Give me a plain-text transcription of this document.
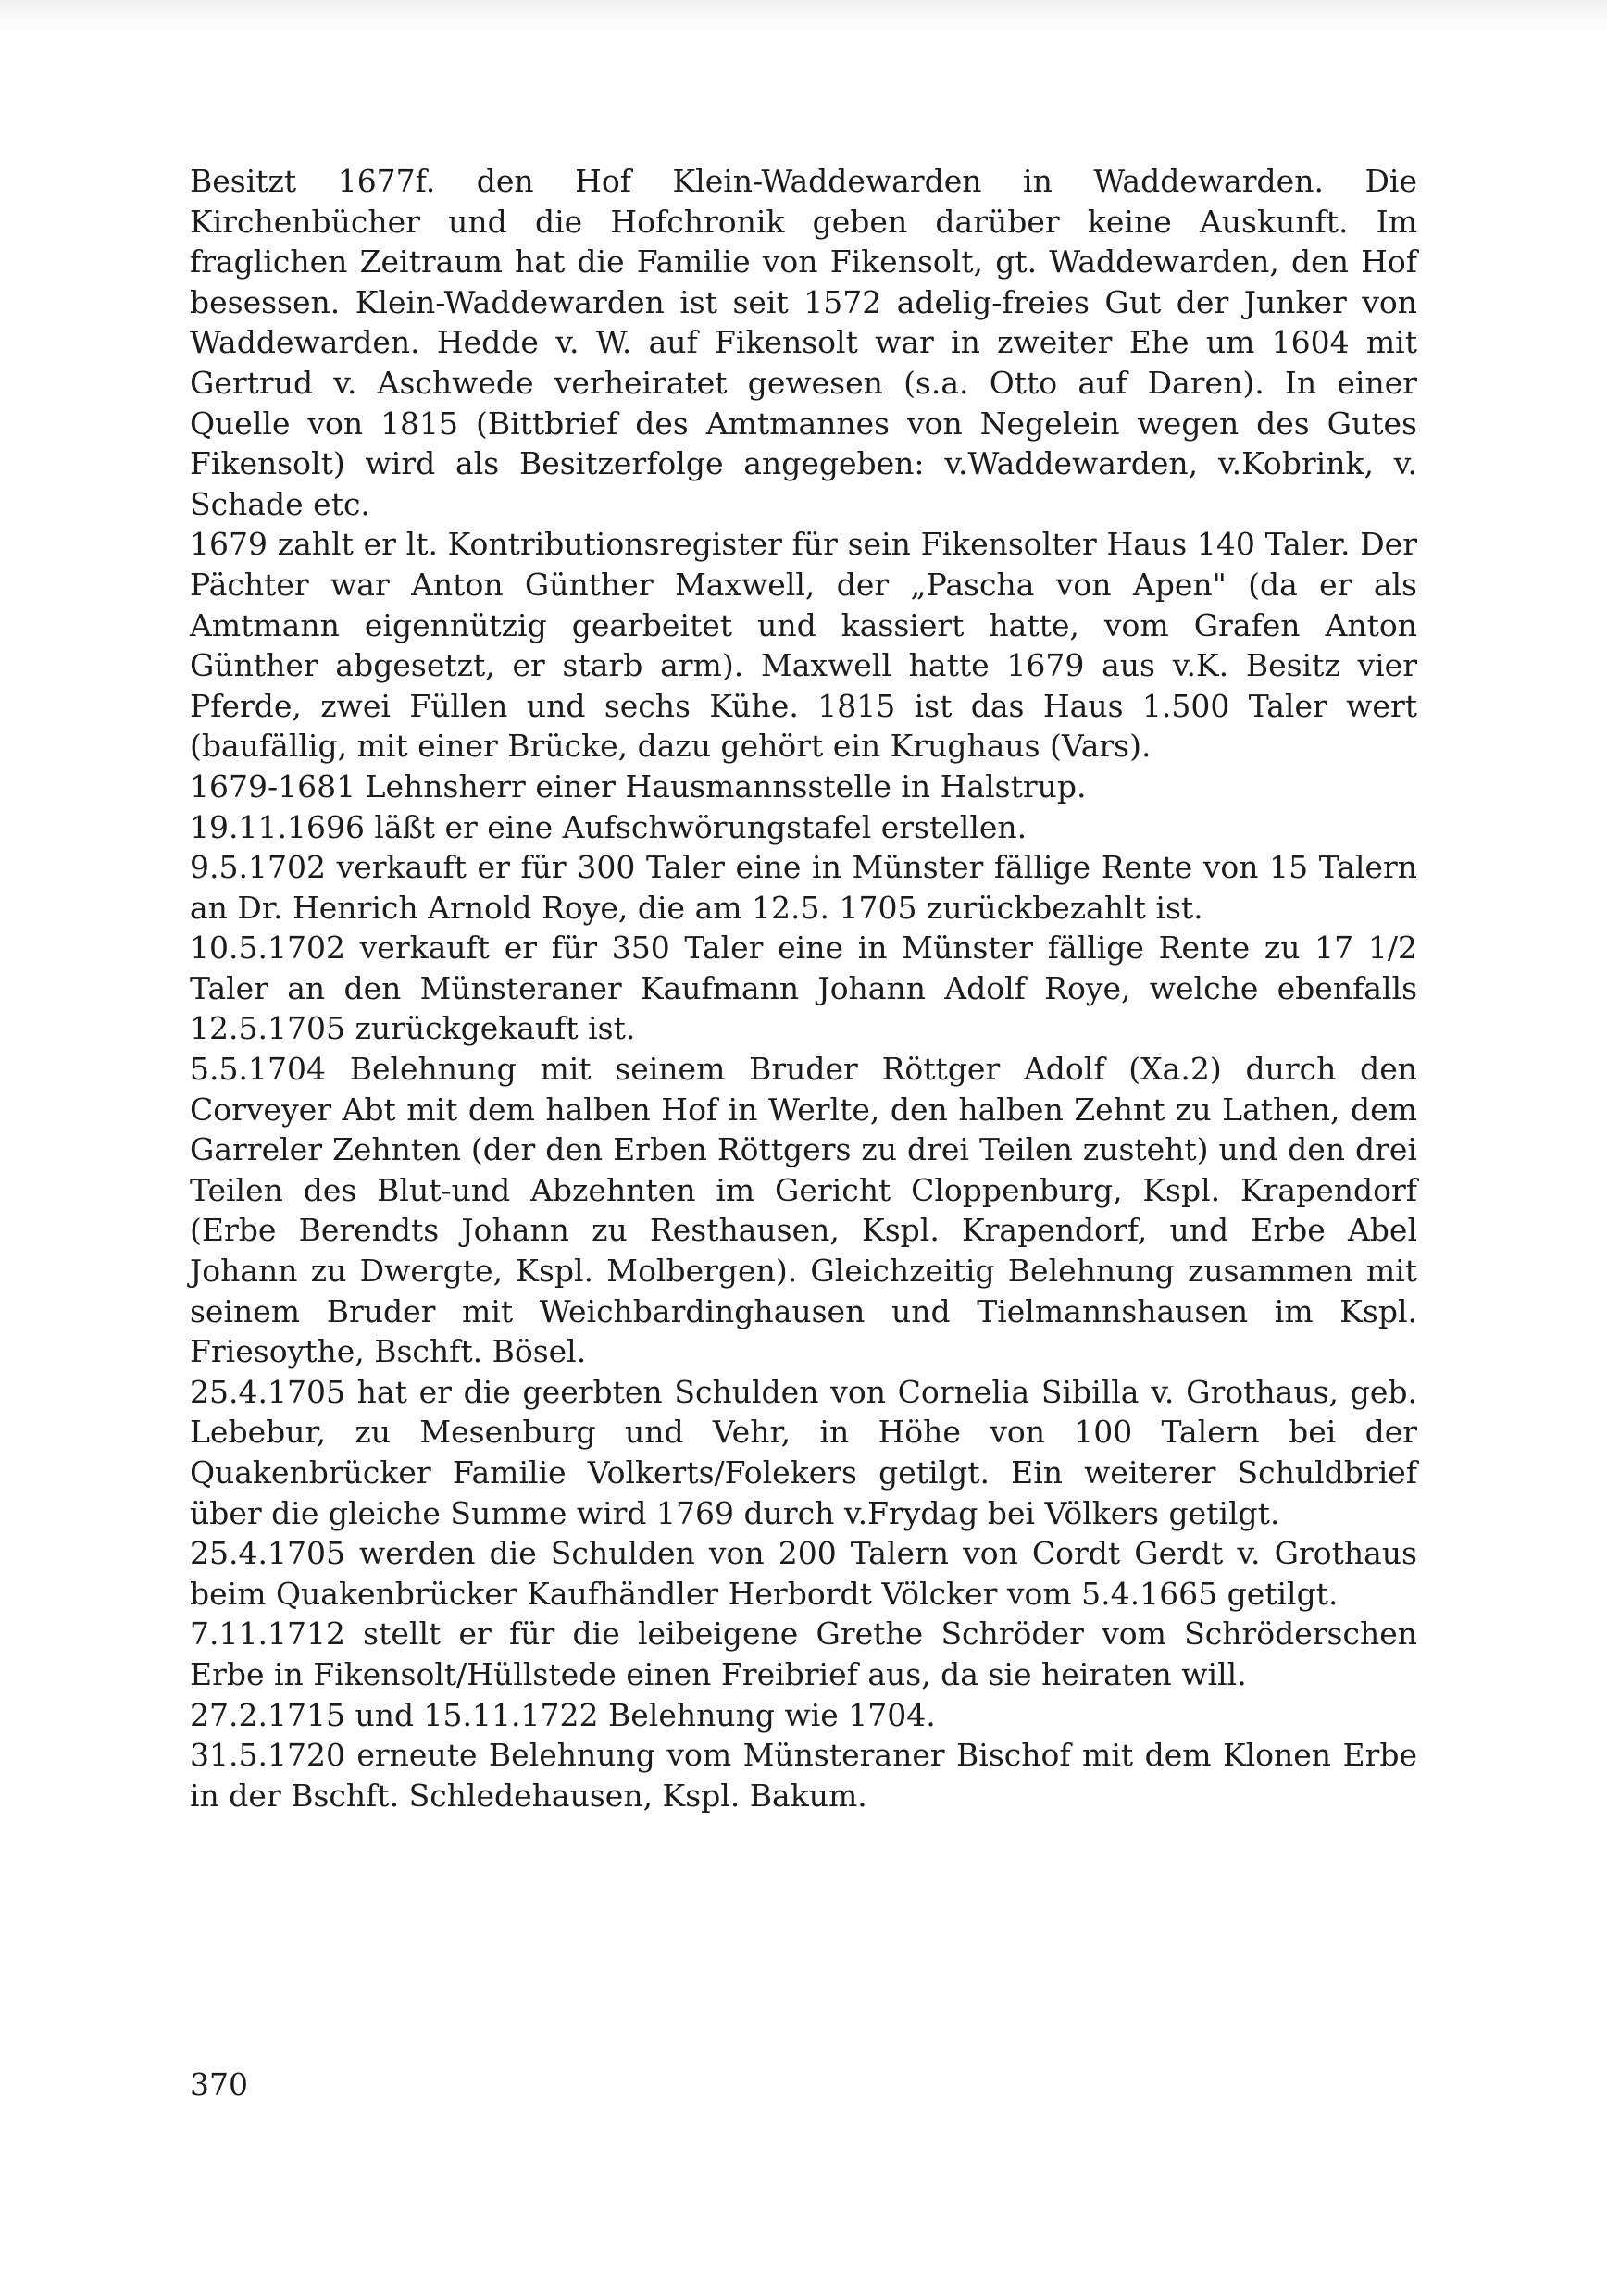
Besitzt 1677f. den Hof Klein-Waddewarden in Waddewarden. Die Kirchenbücher und die Hofchronik geben darüber keine Auskunft. Im fraglichen Zeitraum hat die Familie von Fikensolt, gt. Waddewarden, den Hof besessen. Klein-Waddewarden ist seit 1572 adelig-freies Gut der Junker von Waddewarden. Hedde v. W. auf Fikensolt war in zweiter Ehe um 1604 mit Gertrud v. Aschwede verheiratet gewesen (s.a. Otto auf Daren). In einer Quelle von 1815 (Bittbrief des Amtmannes von Negelein wegen des Gutes Fikensolt) wird als Besitzerfolge angegeben: v.Waddewarden, v.Kobrink, v. Schade etc.

1679 zahlt er lt. Kontributionsregister für sein Fikensolter Haus 140 Taler. Der Pächter war Anton Günther Maxwell, der „Pascha von Apen" (da er als Amtmann eigennützig gearbeitet und kassiert hatte, vom Grafen Anton Günther abgesetzt, er starb arm). Maxwell hatte 1679 aus v.K. Besitz vier Pferde, zwei Füllen und sechs Kühe. 1815 ist das Haus 1.500 Taler wert (baufällig, mit einer Brücke, dazu gehört ein Krughaus (Vars).

1679-1681 Lehnsherr einer Hausmannsstelle in Halstrup.

19.11.1696 läßt er eine Aufschwörungstafel erstellen.

9.5.1702 verkauft er für 300 Taler eine in Münster fällige Rente von 15 Talern an Dr. Henrich Arnold Roye, die am 12.5. 1705 zurückbezahlt ist.

10.5.1702 verkauft er für 350 Taler eine in Münster fällige Rente zu 17 1/2 Taler an den Münsteraner Kaufmann Johann Adolf Roye, welche ebenfalls 12.5.1705 zurückgekauft ist.

5.5.1704 Belehnung mit seinem Bruder Röttger Adolf (Xa.2) durch den Corveyer Abt mit dem halben Hof in Werlte, den halben Zehnt zu Lathen, dem Garreler Zehnten (der den Erben Röttgers zu drei Teilen zusteht) und den drei Teilen des Blut-und Abzehnten im Gericht Cloppenburg, Kspl. Krapendorf (Erbe Berendts Johann zu Resthausen, Kspl. Krapendorf, und Erbe Abel Johann zu Dwergte, Kspl. Molbergen). Gleichzeitig Belehnung zusammen mit seinem Bruder mit Weichbardinghausen und Tielmannshausen im Kspl. Friesoythe, Bschft. Bösel.

25.4.1705 hat er die geerbten Schulden von Cornelia Sibilla v. Grothaus, geb. Lebebur, zu Mesenburg und Vehr, in Höhe von 100 Talern bei der Quakenbrücker Familie Volkerts/Folekers getilgt. Ein weiterer Schuldbrief über die gleiche Summe wird 1769 durch v.Frydag bei Völkers getilgt.

25.4.1705 werden die Schulden von 200 Talern von Cordt Gerdt v. Grothaus beim Quakenbrücker Kaufhändler Herbordt Völcker vom 5.4.1665 getilgt.

7.11.1712 stellt er für die leibeigene Grethe Schröder vom Schröderschen Erbe in Fikensolt/Hüllstede einen Freibrief aus, da sie heiraten will.

27.2.1715 und 15.11.1722 Belehnung wie 1704.

31.5.1720 erneute Belehnung vom Münsteraner Bischof mit dem Klonen Erbe in der Bschft. Schledehausen, Kspl. Bakum.

370
